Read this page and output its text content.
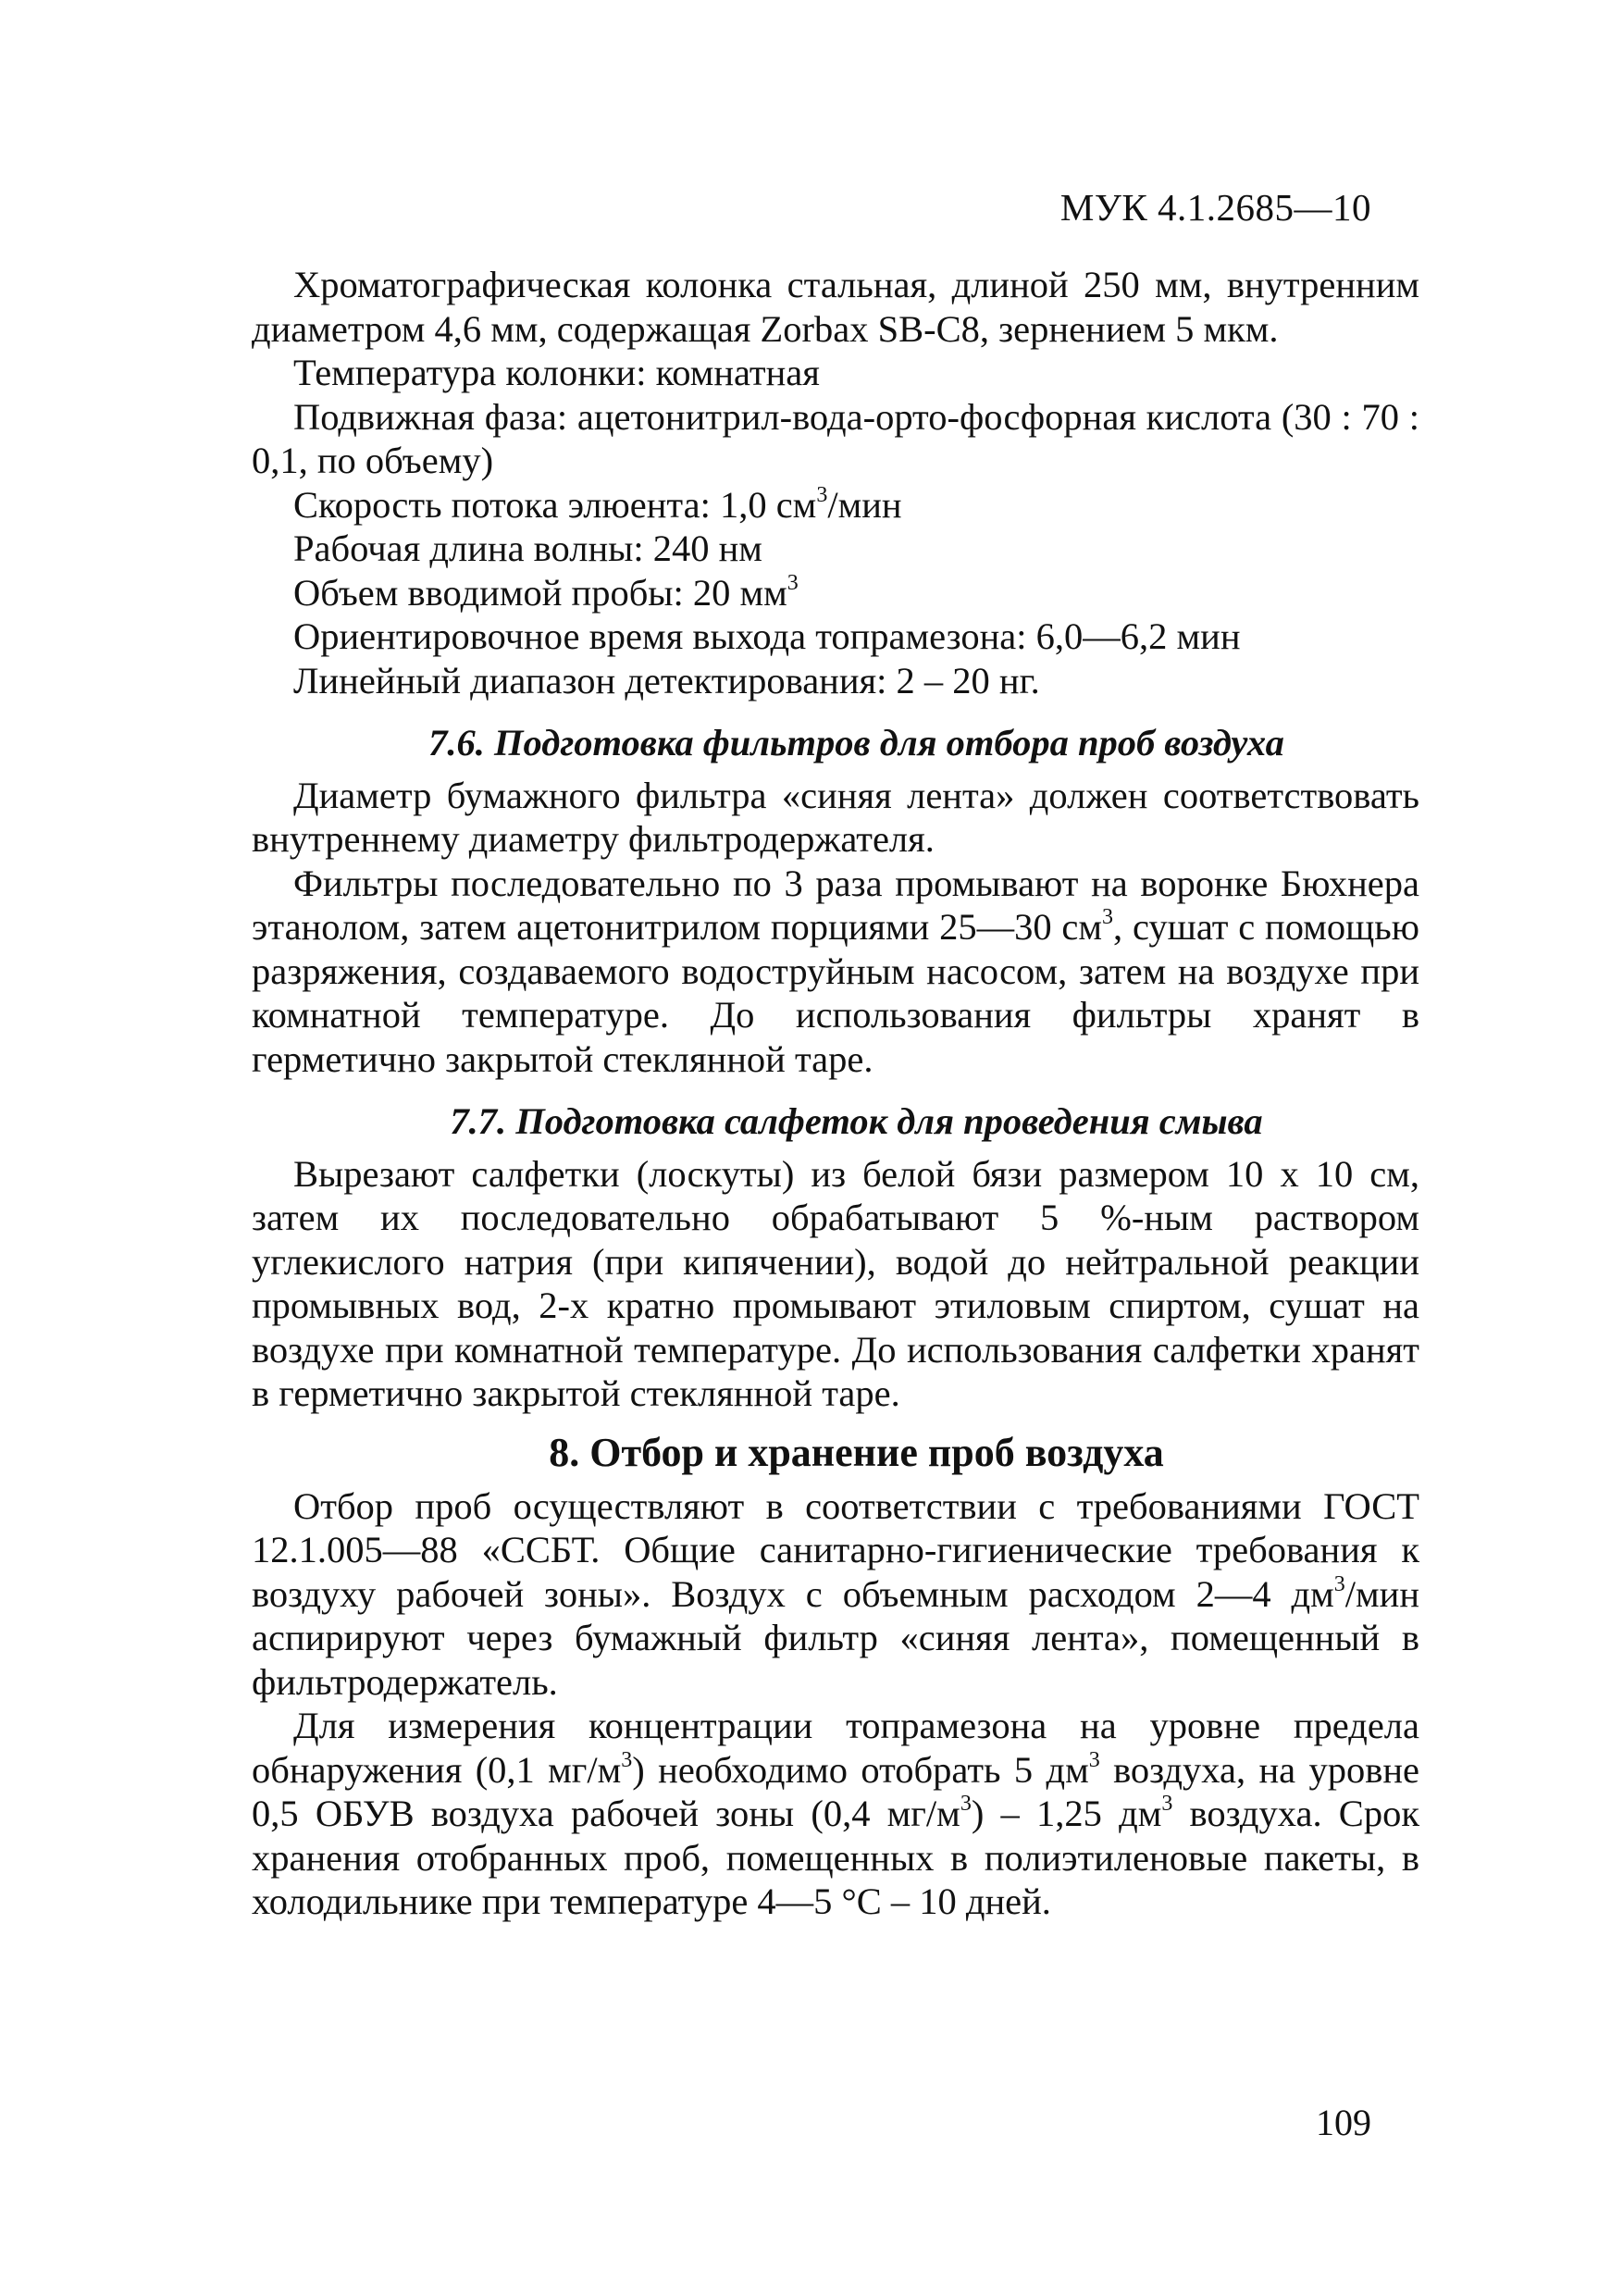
МУК 4.1.2685—10

Хроматографическая колонка стальная, длиной 250 мм, внутренним диаметром 4,6 мм, содержащая Zorbax SB-C8, зернением 5 мкм.

Температура колонки: комнатная

Подвижная фаза: ацетонитрил-вода-орто-фосфорная кислота (30 : 70 : 0,1, по объему)

Скорость потока элюента: 1,0 $см^3$/мин

Рабочая длина волны: 240 нм

Объем вводимой пробы: 20 $мм^3$

Ориентировочное время выхода топрамезона: 6,0—6,2 мин

Линейный диапазон детектирования: 2 – 20 нг.

7.6. Подготовка фильтров для отбора проб воздуха

Диаметр бумажного фильтра «синяя лента» должен соответствовать внутреннему диаметру фильтродержателя.

Фильтры последовательно по 3 раза промывают на воронке Бюхнера этанолом, затем ацетонитрилом порциями 25—30 $см^3$, сушат с помощью разряжения, создаваемого водоструйным насосом, затем на воздухе при комнатной температуре. До использования фильтры хранят в герметично закрытой стеклянной таре.

7.7. Подготовка салфеток для проведения смыва

Вырезают салфетки (лоскуты) из белой бязи размером 10 х 10 см, затем их последовательно обрабатывают 5 %-ным раствором углекислого натрия (при кипячении), водой до нейтральной реакции промывных вод, 2-х кратно промывают этиловым спиртом, сушат на воздухе при комнатной температуре. До использования салфетки хранят в герметично закрытой стеклянной таре.

8. Отбор и хранение проб воздуха

Отбор проб осуществляют в соответствии с требованиями ГОСТ 12.1.005—88 «ССБТ. Общие санитарно-гигиенические требования к воздуху рабочей зоны». Воздух с объемным расходом 2—4 $дм^3$/мин аспирируют через бумажный фильтр «синяя лента», помещенный в фильтродержатель.

Для измерения концентрации топрамезона на уровне предела обнаружения (0,1 $мг/м^3$) необходимо отобрать 5 $дм^3$ воздуха, на уровне 0,5 ОБУВ воздуха рабочей зоны (0,4 $мг/м^3) - 1,25$ $дм^3$ воздуха. Срок хранения отобранных проб, помещенных в полиэтиленовые пакеты, в холодильнике при температуре 4—5 °С – 10 дней.

109
